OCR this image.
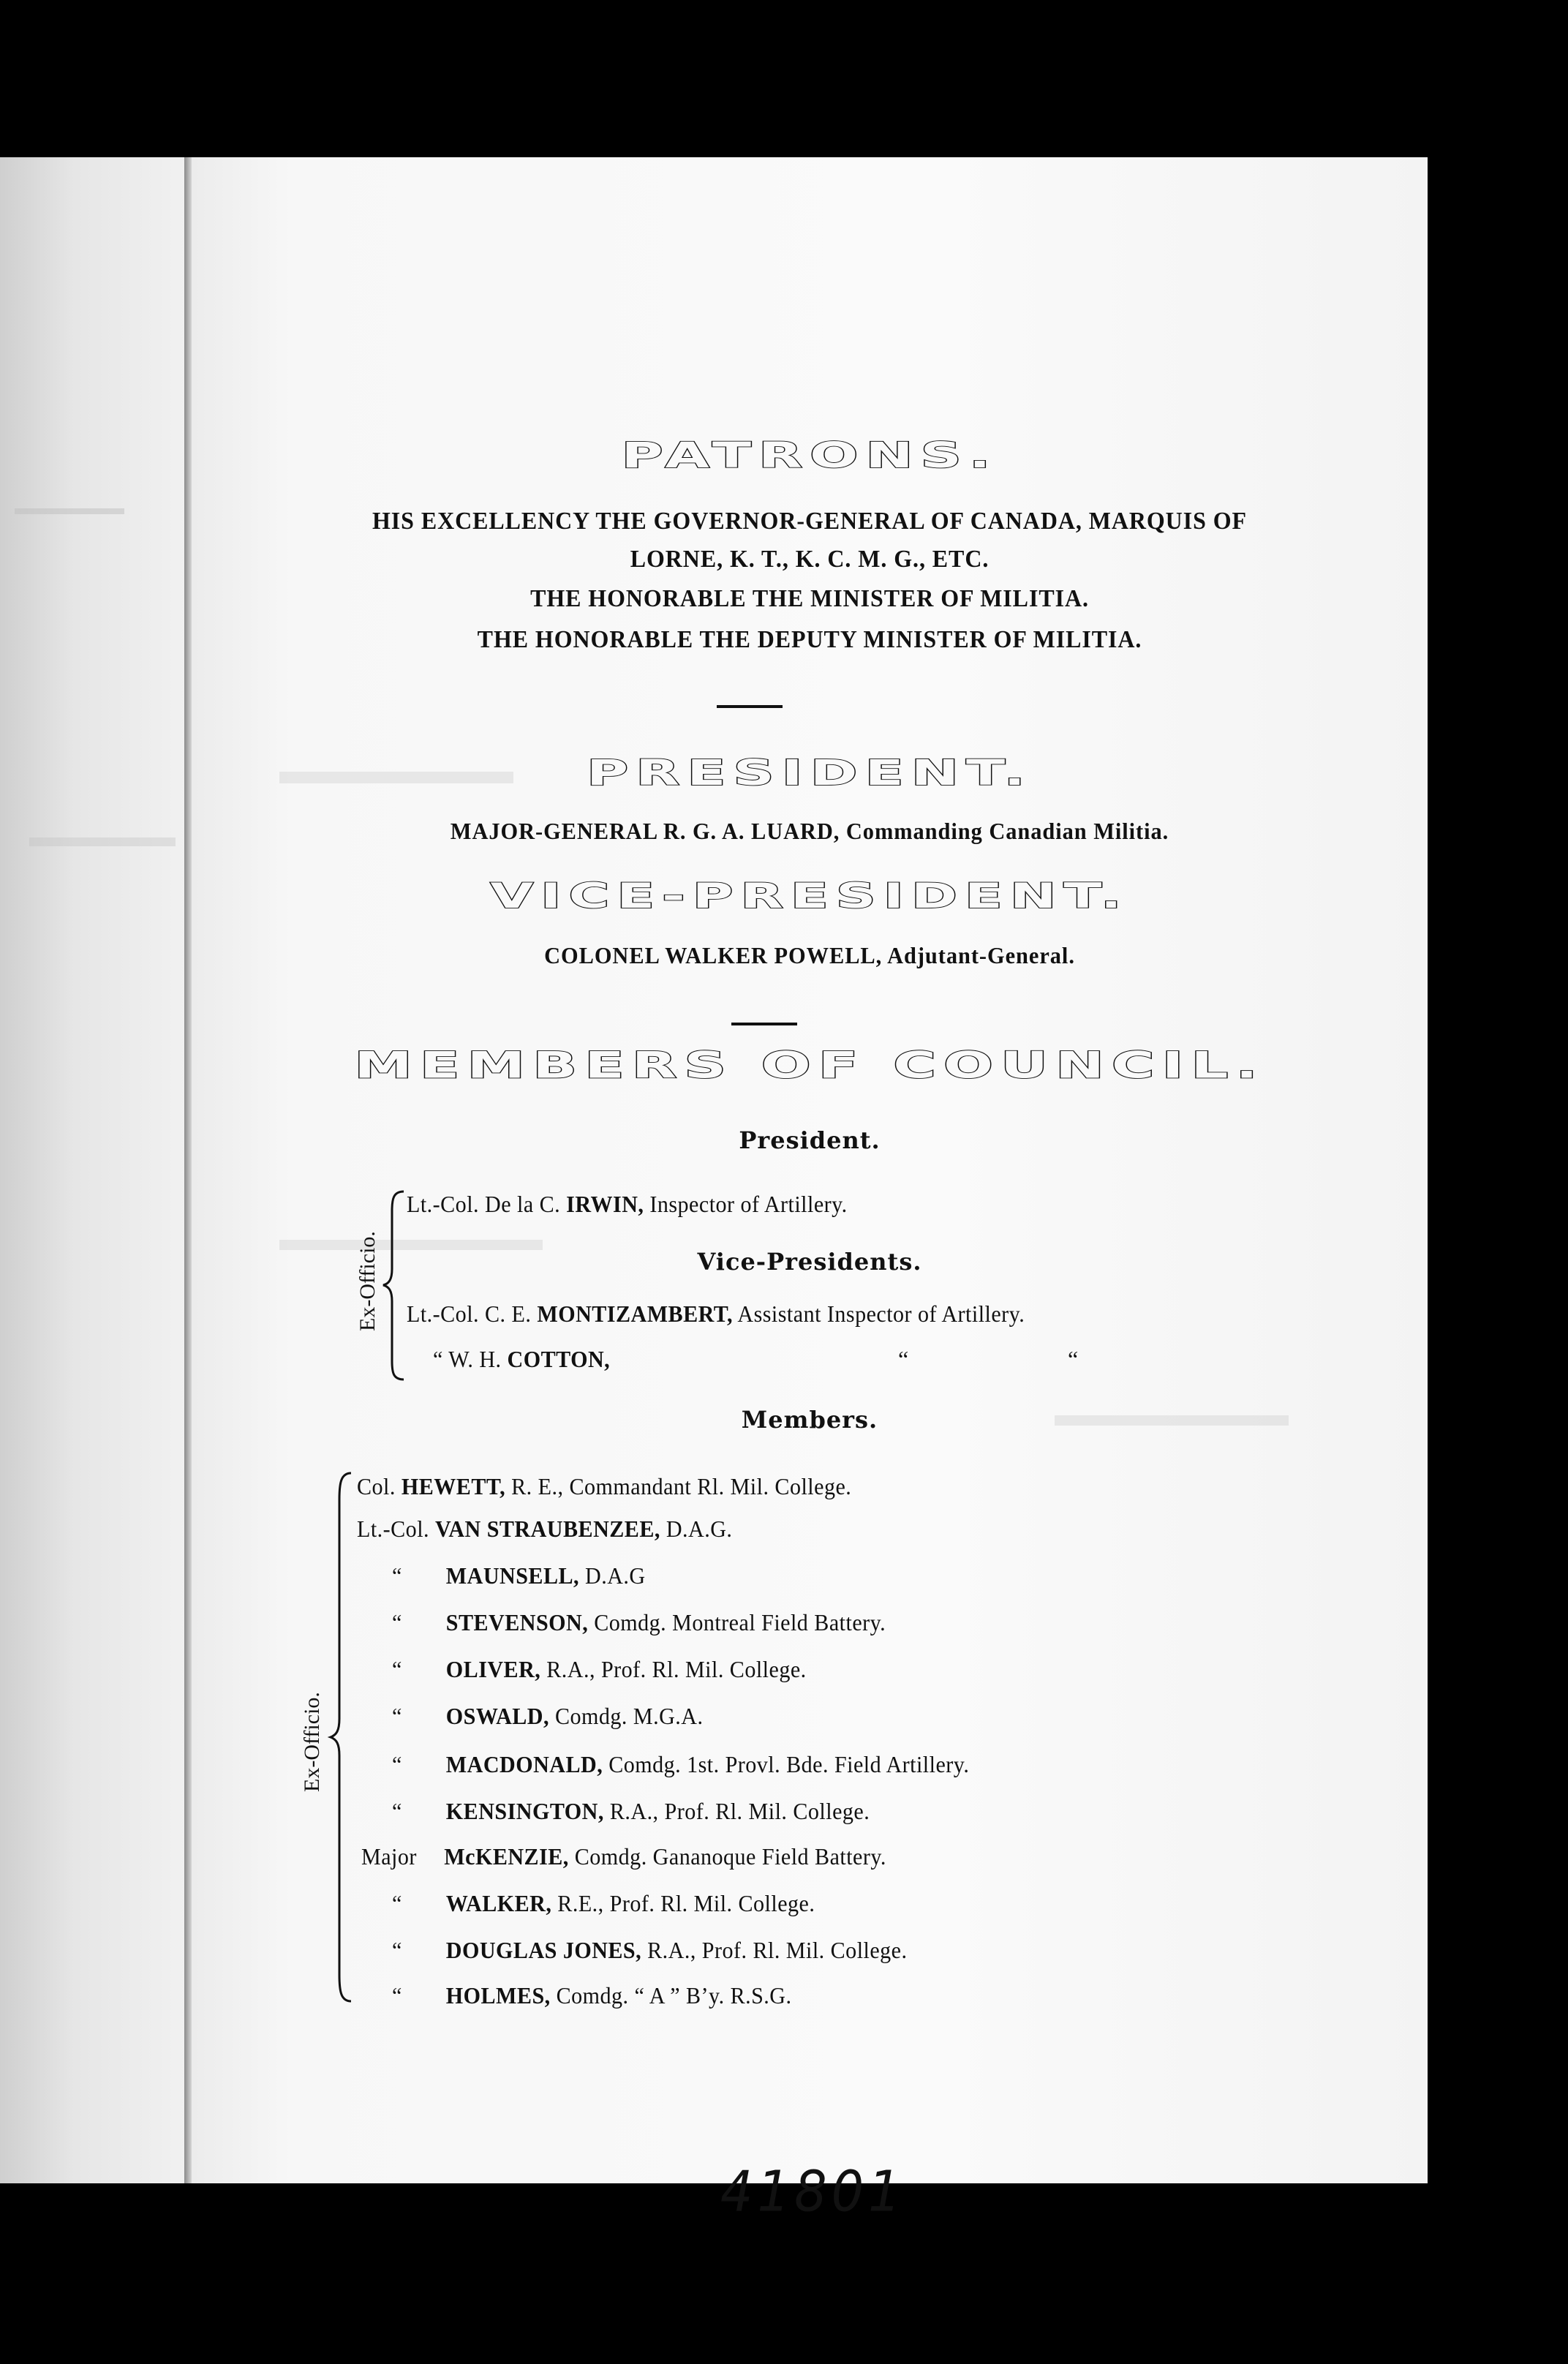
PATRONS.
HIS EXCELLENCY THE GOVERNOR-GENERAL OF CANADA, MARQUIS OF
LORNE, K. T., K. C. M. G., ETC.
THE HONORABLE THE MINISTER OF MILITIA.
THE HONORABLE THE DEPUTY MINISTER OF MILITIA.
PRESIDENT.
MAJOR-GENERAL R. G. A. LUARD, Commanding Canadian Militia.
VICE-PRESIDENT.
COLONEL WALKER POWELL, Adjutant-General.
MEMBERS OF COUNCIL.
President.
Lt.-Col. De la C. IRWIN, Inspector of Artillery.
Vice-Presidents.
Lt.-Col. C. E. MONTIZAMBERT, Assistant Inspector of Artillery.
“ W. H. COTTON,	“	“
Ex-Officio.
Members.
Col. HEWETT, R. E., Commandant Rl. Mil. College.
Lt.-Col. VAN STRAUBENZEE, D.A.G.
“ MAUNSELL, D.A.G
“ STEVENSON, Comdg. Montreal Field Battery.
“ OLIVER, R.A., Prof. Rl. Mil. College.
“ OSWALD, Comdg. M.G.A.
“ MACDONALD, Comdg. 1st. Provl. Bde. Field Artillery.
“ KENSINGTON, R.A., Prof. Rl. Mil. College.
Major McKENZIE, Comdg. Gananoque Field Battery.
“ WALKER, R.E., Prof. Rl. Mil. College.
“ DOUGLAS JONES, R.A., Prof. Rl. Mil. College.
“ HOLMES, Comdg. “ A ” B’y. R.S.G.
Ex-Officio.
41801
